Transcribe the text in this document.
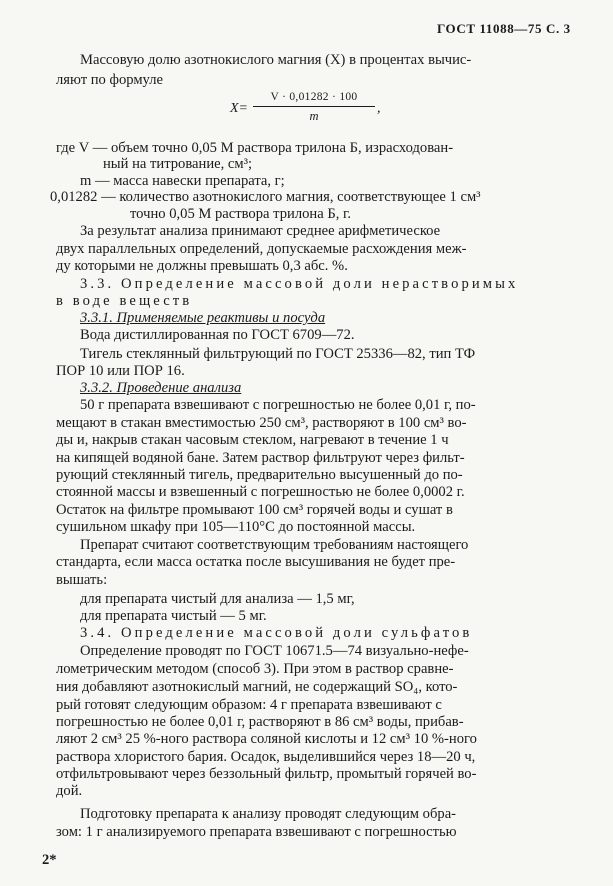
ГОСТ 11088—75 С. 3
Массовую долю азотнокислого магния (X) в процентах вычис-
ляют по формуле
X=
V · 0,01282 · 100
m	,
где V — объем точно 0,05 М раствора трилона Б, израсходован-
ный на титрование, см³;
m — масса навески препарата, г;
0,01282 — количество азотнокислого магния, соответствующее 1 см³
точно 0,05 М раствора трилона Б, г.
За результат анализа принимают среднее арифметическое
двух параллельных определений, допускаемые расхождения меж-
ду которыми не должны превышать 0,3 абс. %.
3.3. Определение массовой доли нерастворимых
в воде веществ
3.3.1. Применяемые реактивы и посуда
Вода дистиллированная по ГОСТ 6709—72.
Тигель стеклянный фильтрующий по ГОСТ 25336—82, тип ТФ
ПОР 10 или ПОР 16.
3.3.2. Проведение анализа
50 г препарата взвешивают с погрешностью не более 0,01 г, по-
мещают в стакан вместимостью 250 см³, растворяют в 100 см³ во-
ды и, накрыв стакан часовым стеклом, нагревают в течение 1 ч
на кипящей водяной бане. Затем раствор фильтруют через фильт-
рующий стеклянный тигель, предварительно высушенный до по-
стоянной массы и взвешенный с погрешностью не более 0,0002 г.
Остаток на фильтре промывают 100 см³ горячей воды и сушат в
сушильном шкафу при 105—110°С до постоянной массы.
Препарат считают соответствующим требованиям настоящего
стандарта, если масса остатка после высушивания не будет пре-
вышать:
для препарата чистый для анализа — 1,5 мг,
для препарата чистый — 5 мг.
3.4. Определение массовой доли сульфатов
Определение проводят по ГОСТ 10671.5—74 визуально-нефе-
лометрическим методом (способ 3). При этом в раствор сравне-
ния добавляют азотнокислый магний, не содержащий SO₄, кото-
рый готовят следующим образом: 4 г препарата взвешивают с
погрешностью не более 0,01 г, растворяют в 86 см³ воды, прибав-
ляют 2 см³ 25 %-ного раствора соляной кислоты и 12 см³ 10 %-ного
раствора хлористого бария. Осадок, выделившийся через 18—20 ч,
отфильтровывают через беззольный фильтр, промытый горячей во-
дой.
Подготовку препарата к анализу проводят следующим обра-
зом: 1 г анализируемого препарата взвешивают с погрешностью
2*
